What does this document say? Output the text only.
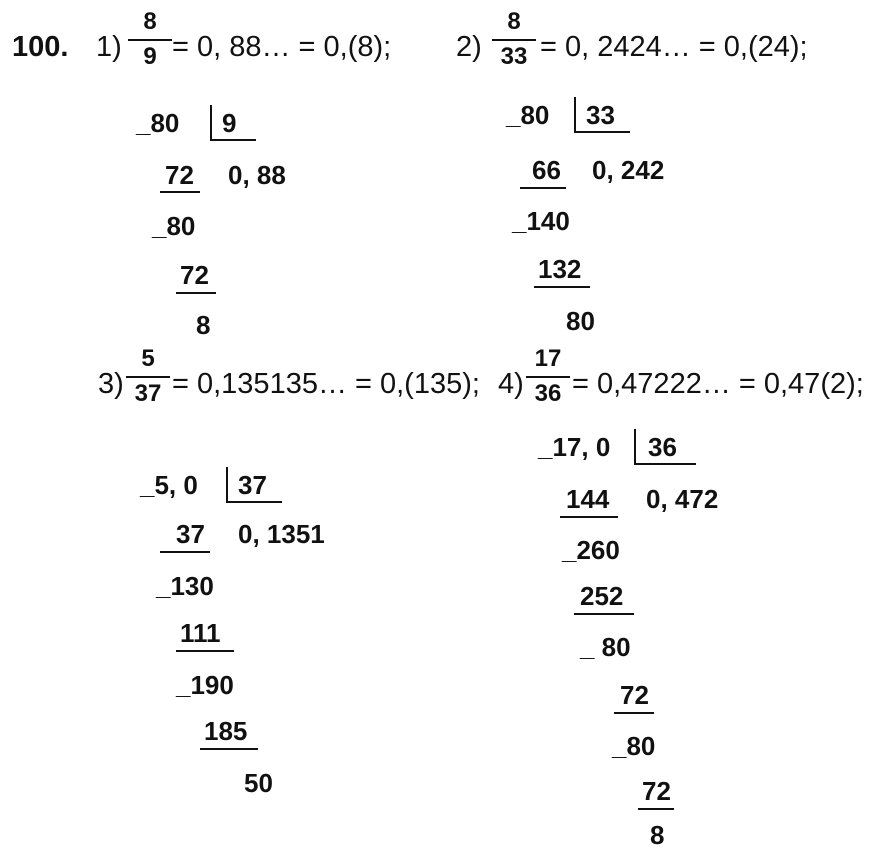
100. 1)
8
9 = 0, 88… = 0,(8);
_80 9
72 0, 88
_80
72
8
2)
8
33 = 0, 2424… = 0,(24);
_80 33
66 0, 242
_140
132
80
3)
5
37 = 0,135135… = 0,(135);
_5, 0 37
37 0, 1351
_130
111
_190
185
50
4)
17
36 = 0,47222… = 0,47(2);
_17, 0 36
144 0, 472
_260
252
_ 80
72
_80
72
8
